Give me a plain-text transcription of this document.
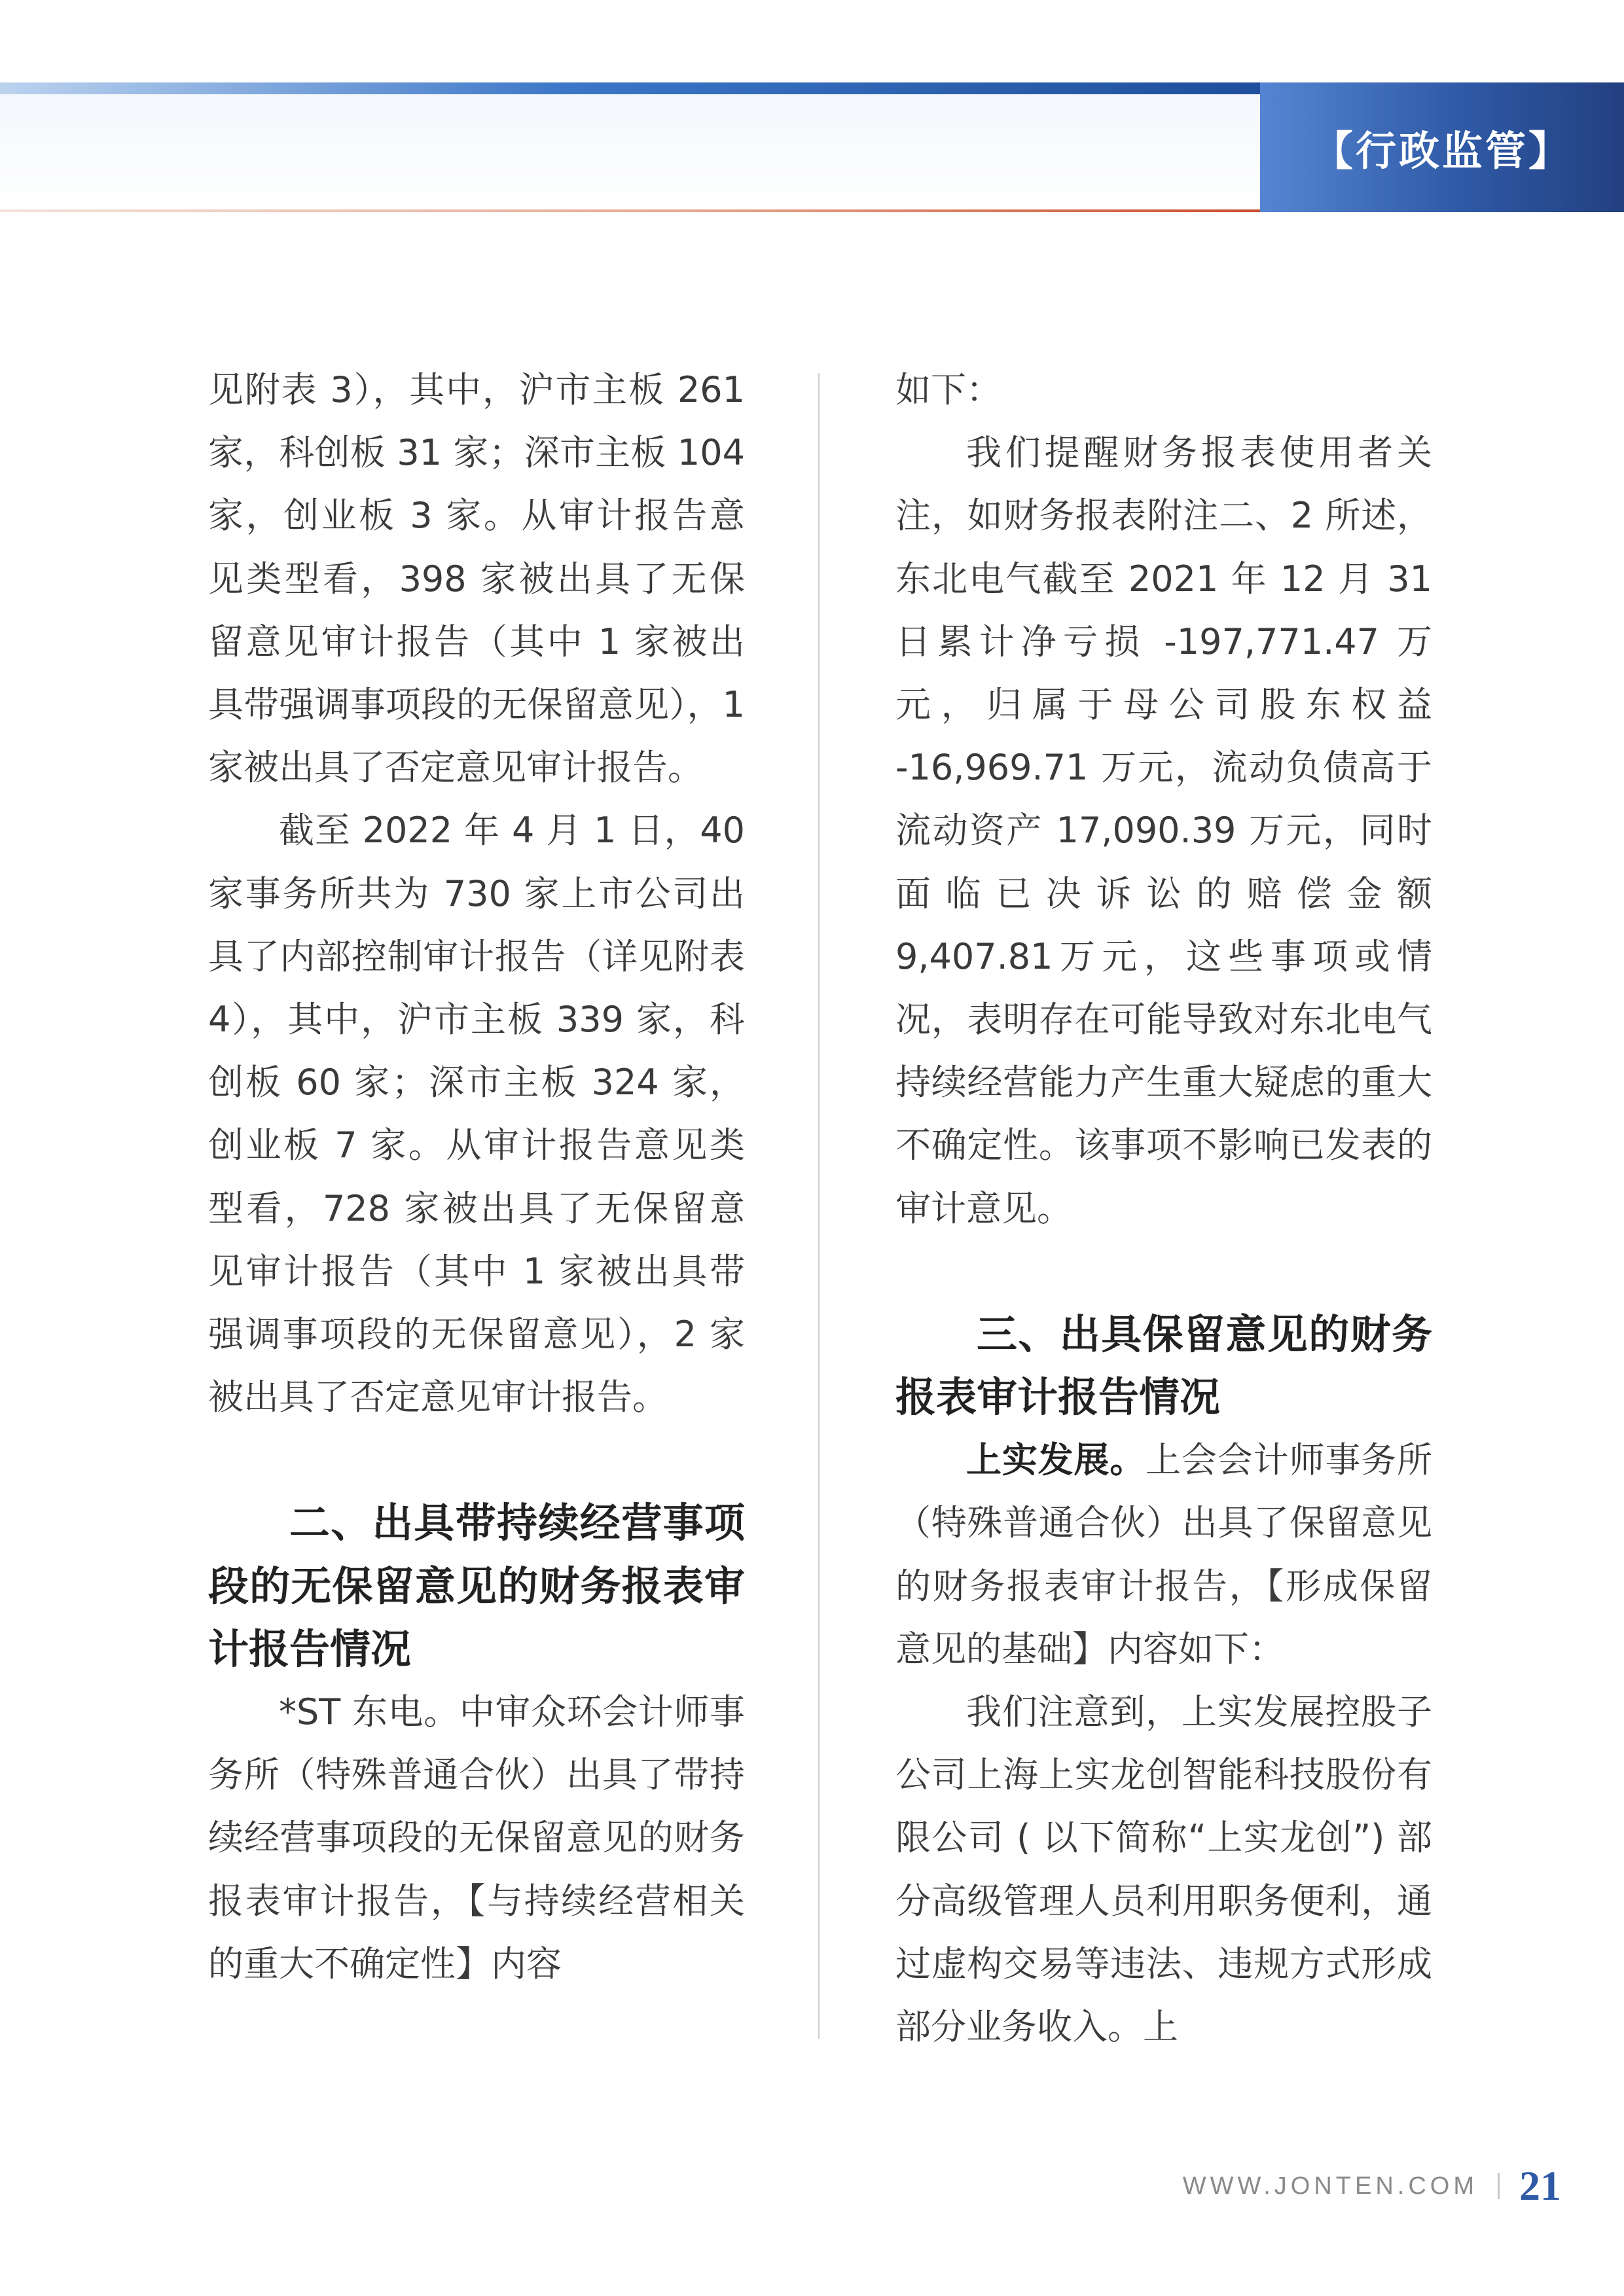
【行政监管】

见附表 3），其中，沪市主板 261 家，科创板 31 家；深市主板 104 家，创业板 3 家。从审计报告意见类型看，398 家被出具了无保留意见审计报告（其中 1 家被出具带强调事项段的无保留意见），1 家被出具了否定意见审计报告。

截至 2022 年 4 月 1 日，40 家事务所共为 730 家上市公司出具了内部控制审计报告（详见附表 4），其中，沪市主板 339 家，科创板 60 家；深市主板 324 家，创业板 7 家。从审计报告意见类型看，728 家被出具了无保留意见审计报告（其中 1 家被出具带强调事项段的无保留意见），2 家被出具了否定意见审计报告。

二、出具带持续经营事项段的无保留意见的财务报表审计报告情况

*ST 东电。中审众环会计师事务所（特殊普通合伙）出具了带持续经营事项段的无保留意见的财务报表审计报告，【与持续经营相关的重大不确定性】内容

如下：

我们提醒财务报表使用者关注，如财务报表附注二、2 所述，东北电气截至 2021 年 12 月 31 日累计净亏损 -197,771.47 万元，归属于母公司股东权益 -16,969.71 万元，流动负债高于流动资产 17,090.39 万元，同时面临已决诉讼的赔偿金额 9,407.81万元，这些事项或情况，表明存在可能导致对东北电气持续经营能力产生重大疑虑的重大不确定性。该事项不影响已发表的审计意见。

三、出具保留意见的财务报表审计报告情况

上实发展。上会会计师事务所（特殊普通合伙）出具了保留意见的财务报表审计报告，【形成保留意见的基础】内容如下：

我们注意到，上实发展控股子公司上海上实龙创智能科技股份有限公司 ( 以下简称“上实龙创”) 部分高级管理人员利用职务便利，通过虚构交易等违法、违规方式形成部分业务收入。上

WWW.JONTEN.COM 21
